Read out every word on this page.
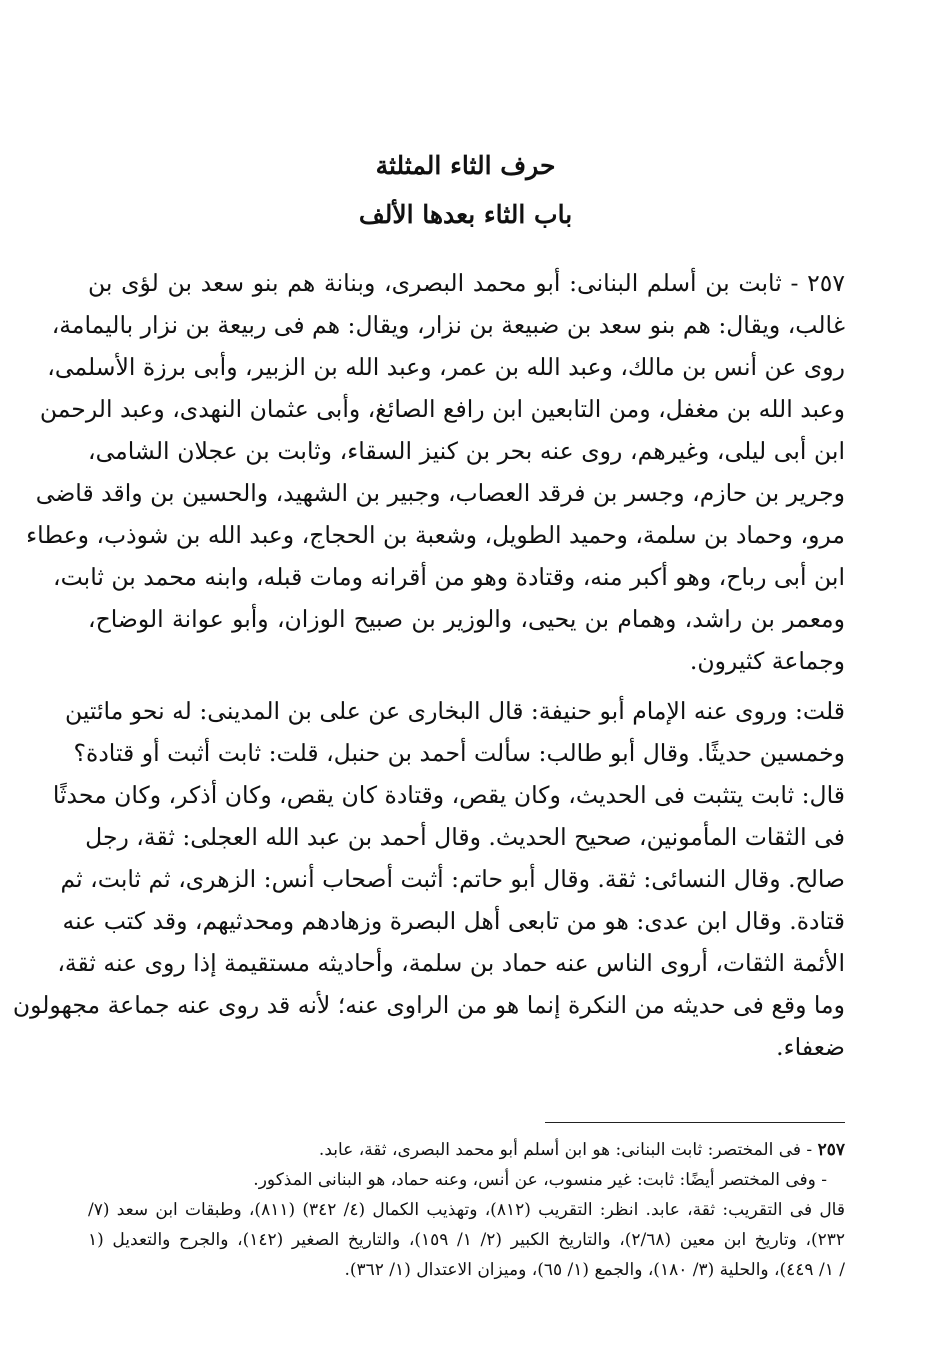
حرف الثاء المثلثة
باب الثاء بعدها الألف
٢٥٧ - ثابت بن أسلم البنانى: أبو محمد البصرى، وبنانة هم بنو سعد بن لؤى بن
غالب، ويقال: هم بنو سعد بن ضبيعة بن نزار، ويقال: هم فى ربيعة بن نزار باليمامة،
روى عن أنس بن مالك، وعبد الله بن عمر، وعبد الله بن الزبير، وأبى برزة الأسلمى،
وعبد الله بن مغفل، ومن التابعين ابن رافع الصائغ، وأبى عثمان النهدى، وعبد الرحمن
ابن أبى ليلى، وغيرهم، روى عنه بحر بن كنيز السقاء، وثابت بن عجلان الشامى،
وجرير بن حازم، وجسر بن فرقد العصاب، وجبير بن الشهيد، والحسين بن واقد قاضى
مرو، وحماد بن سلمة، وحميد الطويل، وشعبة بن الحجاج، وعبد الله بن شوذب، وعطاء
ابن أبى رباح، وهو أكبر منه، وقتادة وهو من أقرانه ومات قبله، وابنه محمد بن ثابت،
ومعمر بن راشد، وهمام بن يحيى، والوزير بن صبيح الوزان، وأبو عوانة الوضاح،
وجماعة كثيرون.
قلت: وروى عنه الإمام أبو حنيفة: قال البخارى عن على بن المدينى: له نحو مائتين
وخمسين حديثًا. وقال أبو طالب: سألت أحمد بن حنبل، قلت: ثابت أثبت أو قتادة؟
قال: ثابت يتثبت فى الحديث، وكان يقص، وقتادة كان يقص، وكان أذكر، وكان محدثًا
فى الثقات المأمونين، صحيح الحديث. وقال أحمد بن عبد الله العجلى: ثقة، رجل
صالح. وقال النسائى: ثقة. وقال أبو حاتم: أثبت أصحاب أنس: الزهرى، ثم ثابت، ثم
قتادة. وقال ابن عدى: هو من تابعى أهل البصرة وزهادهم ومحدثيهم، وقد كتب عنه
الأئمة الثقات، أروى الناس عنه حماد بن سلمة، وأحاديثه مستقيمة إذا روى عنه ثقة،
وما وقع فى حديثه من النكرة إنما هو من الراوى عنه؛ لأنه قد روى عنه جماعة مجهولون
ضعفاء.
٢٥٧ - فى المختصر: ثابت البنانى: هو ابن أسلم أبو محمد البصرى، ثقة، عابد.
- وفى المختصر أيضًا: ثابت: غير منسوب، عن أنس، وعنه حماد، هو البنانى المذكور.
قال فى التقريب: ثقة، عابد. انظر: التقريب (٨١٢)، وتهذيب الكمال (٤/ ٣٤٢) (٨١١)، وطبقات ابن سعد (٧/
٢٣٢)، وتاريخ ابن معين (٢/٦٨)، والتاريخ الكبير (٢/ ١/ ١٥٩)، والتاريخ الصغير (١٤٢)، والجرح والتعديل (١
/ ١/ ٤٤٩)، والحلية (٣/ ١٨٠)، والجمع (١/ ٦٥)، وميزان الاعتدال (١/ ٣٦٢).
